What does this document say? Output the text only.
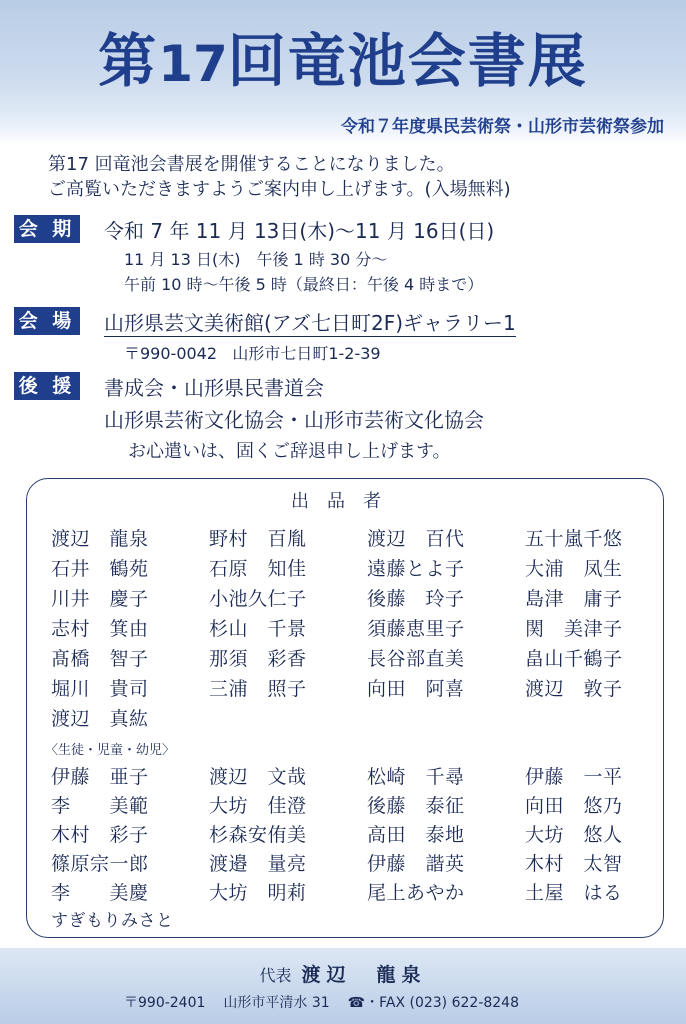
第17回竜池会書展
令和７年度県民芸術祭・山形市芸術祭参加
第17 回竜池会書展を開催することになりました。
ご高覧いただきますようご案内申し上げます。(入場無料)
会 期 令和 7 年 11 月 13日(木)〜11 月 16日(日)
11 月 13 日(木)　午後 1 時 30 分〜
午前 10 時〜午後 5 時（最終日：午後 4 時まで）
会 場 山形県芸文美術館(アズ七日町2F)ギャラリー1
〒990-0042 山形市七日町1-2-39
後 援 書成会・山形県民書道会
山形県芸術文化協会・山形市芸術文化協会
お心遣いは、固くご辞退申し上げます。
出品者
渡辺　龍泉	野村　百胤	渡辺　百代	五十嵐千悠
石井　鶴苑	石原　知佳	遠藤とよ子	大浦　凤生
川井　慶子	小池久仁子	後藤　玲子	島津　庸子
志村　箕由	杉山　千景	須藤恵里子	関　美津子
髙橋　智子	那須　彩香	長谷部直美	畠山千鶴子
堀川　貴司	三浦　照子	向田　阿喜	渡辺　敦子
渡辺　真紘
〈生徒・児童・幼児〉
伊藤　亜子	渡辺　文哉	松崎　千尋	伊藤　一平
李　　美範	大坊　佳澄	後藤　泰征	向田　悠乃
木村　彩子	杉森安侑美	高田　泰地	大坊　悠人
篠原宗一郎	渡邉　量亮	伊藤　諧英	木村　太智
李　　美慶	大坊　明莉	尾上あやか	土屋　はる
すぎもりみさと
代表 渡辺　龍泉
〒990-2401 山形市平清水 31 ☎・FAX (023) 622-8248
